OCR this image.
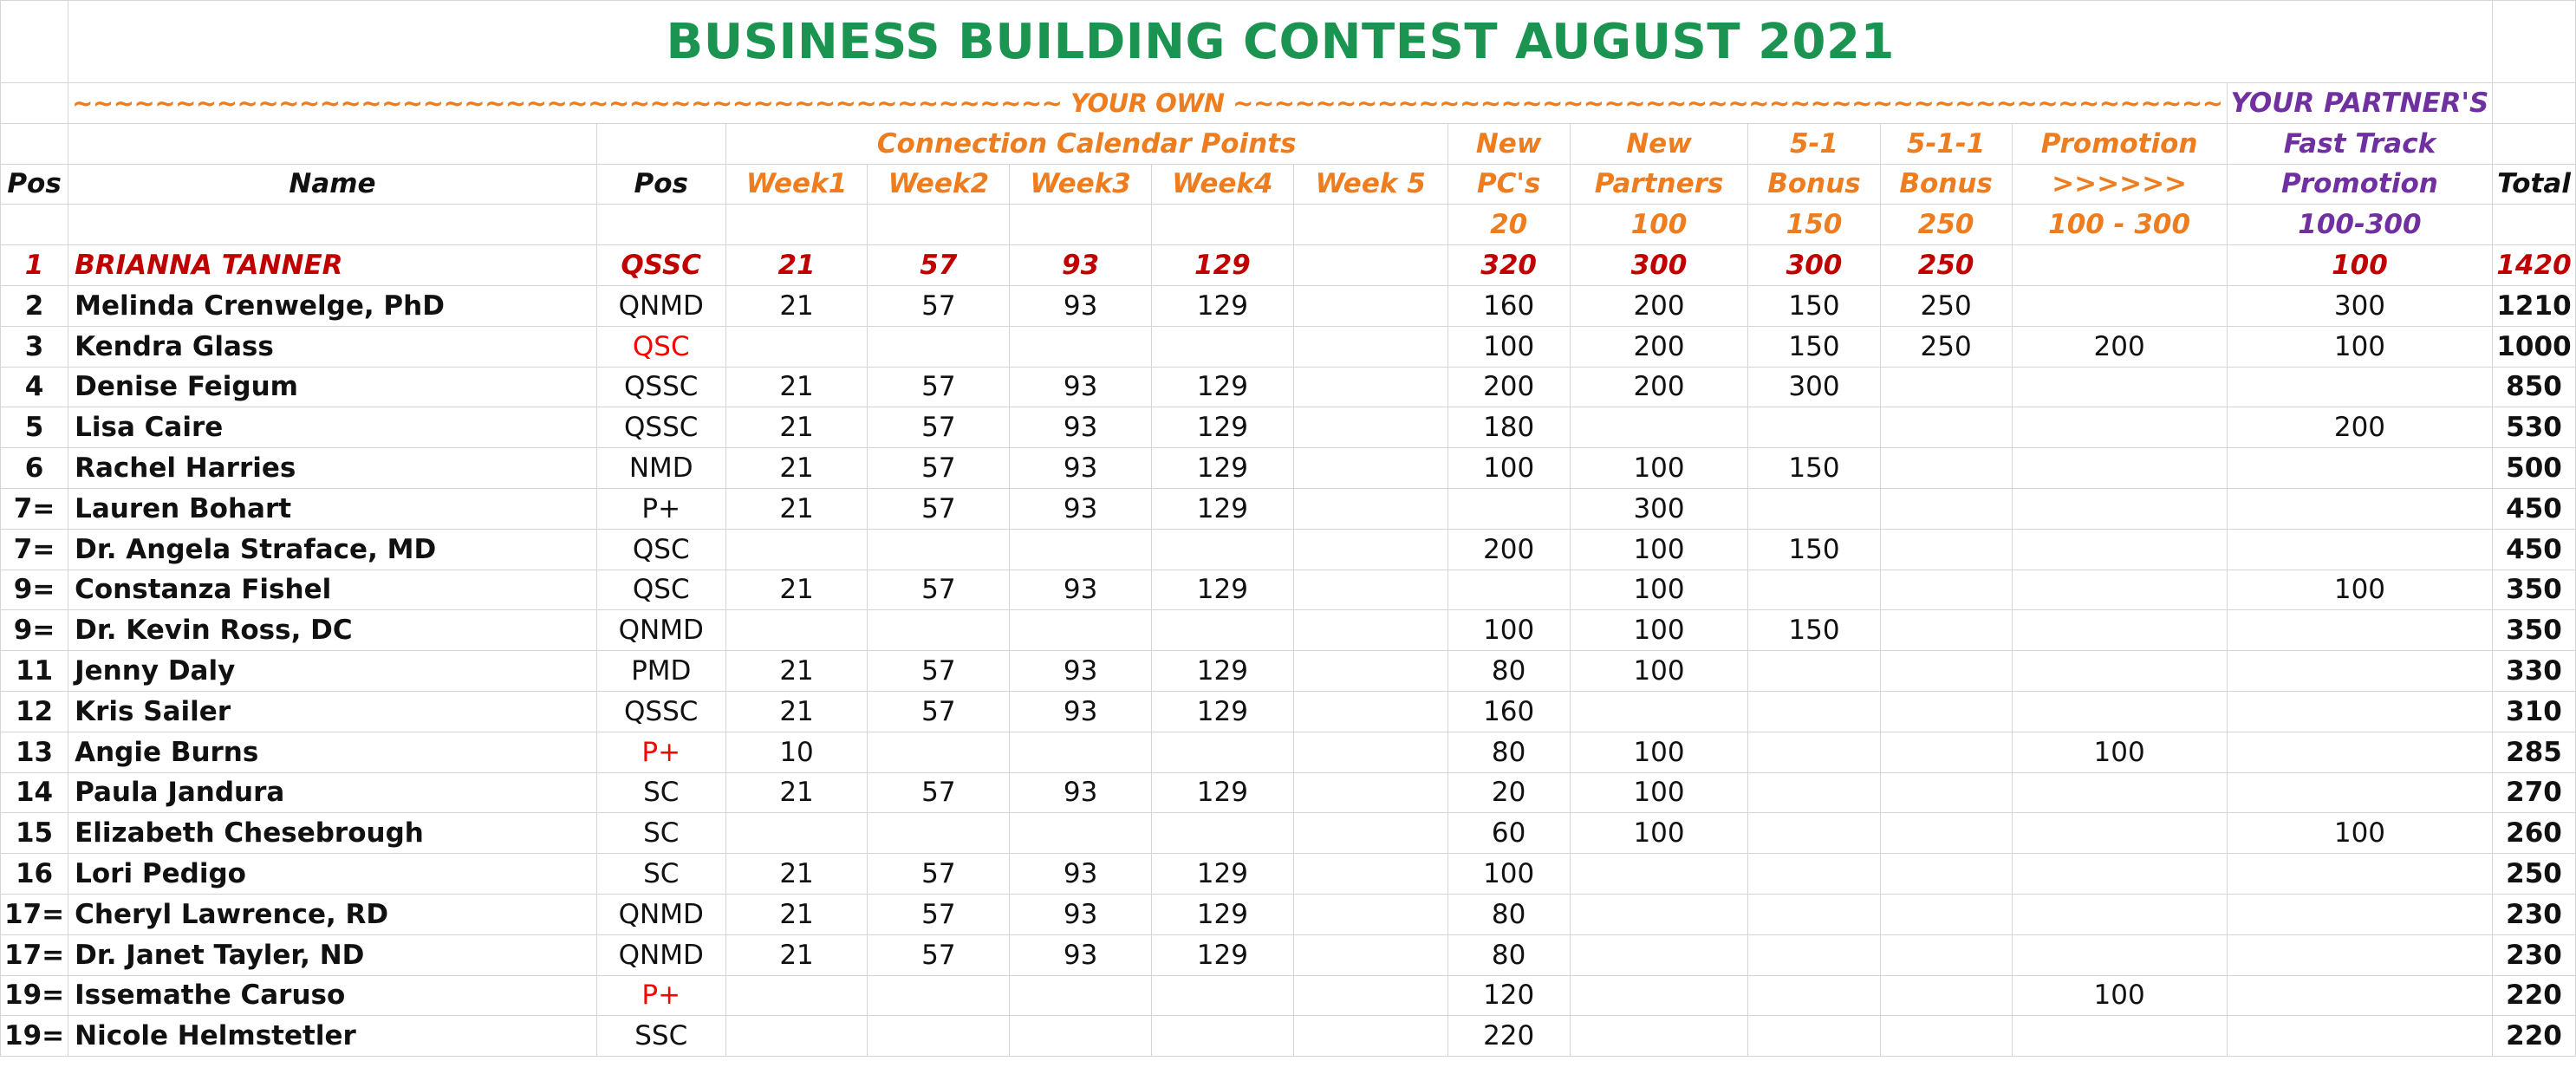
	BUSINESS BUILDING CONTEST AUGUST 2021													
	~~~~~~~~~~~~~~~~~~~~~~~~~~~~~~~~~~~~~~~~~~~~~~~~ YOUR OWN ~~~~~~~~~~~~~~~~~~~~~~~~~~~~~~~~~~~~~~~~~~~~~~~~												YOUR PARTNER'S	
			Connection Calendar Points					New	New	5-1	5-1-1	Promotion	Fast Track	
Pos	Name	Pos	Week1	Week2	Week3	Week4	Week 5	PC's	Partners	Bonus	Bonus	>>>>>>	Promotion	Total
								20	100	150	250	100 - 300	100-300	
1	BRIANNA TANNER	QSSC	21	57	93	129		320	300	300	250		100	1420
2	Melinda Crenwelge, PhD	QNMD	21	57	93	129		160	200	150	250		300	1210
3	Kendra Glass	QSC						100	200	150	250	200	100	1000
4	Denise Feigum	QSSC	21	57	93	129		200	200	300				850
5	Lisa Caire	QSSC	21	57	93	129		180					200	530
6	Rachel Harries	NMD	21	57	93	129		100	100	150				500
7=	Lauren Bohart	P+	21	57	93	129			300					450
7=	Dr. Angela Straface, MD	QSC						200	100	150				450
9=	Constanza Fishel	QSC	21	57	93	129			100				100	350
9=	Dr. Kevin Ross, DC	QNMD						100	100	150				350
11	Jenny Daly	PMD	21	57	93	129		80	100					330
12	Kris Sailer	QSSC	21	57	93	129		160						310
13	Angie Burns	P+	10					80	100			100		285
14	Paula Jandura	SC	21	57	93	129		20	100					270
15	Elizabeth Chesebrough	SC						60	100				100	260
16	Lori Pedigo	SC	21	57	93	129		100						250
17=	Cheryl Lawrence, RD	QNMD	21	57	93	129		80						230
17=	Dr. Janet Tayler, ND	QNMD	21	57	93	129		80						230
19=	Issemathe Caruso	P+						120				100		220
19=	Nicole Helmstetler	SSC						220						220
